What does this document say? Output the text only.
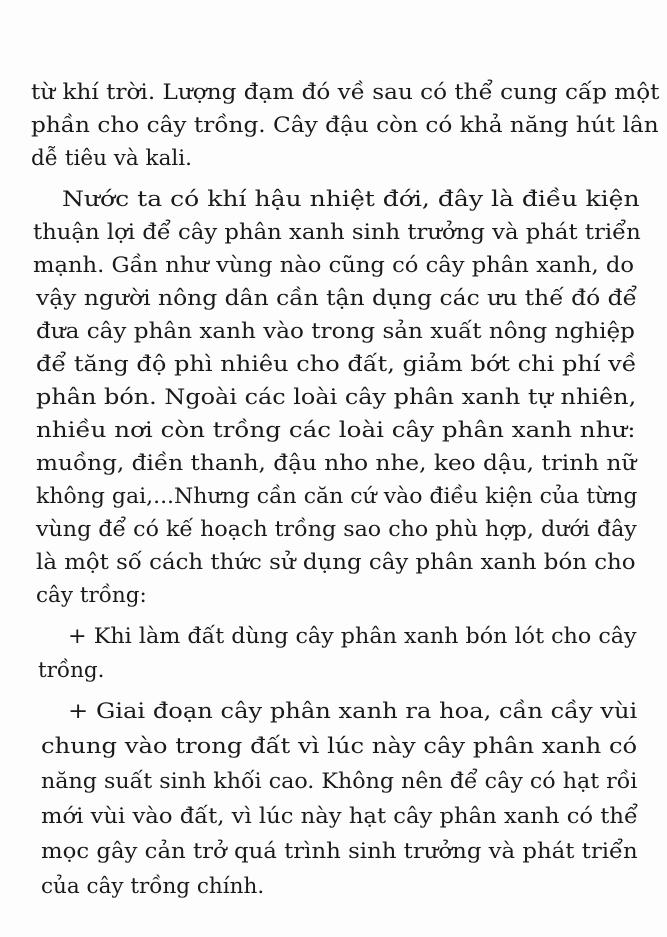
từ khí trời. Lượng đạm đó về sau có thể cung cấp một
phần cho cây trồng. Cây đậu còn có khả năng hút lân
dễ tiêu và kali.
Nước ta có khí hậu nhiệt đới, đây là điều kiện
thuận lợi để cây phân xanh sinh trưởng và phát triển
mạnh. Gần như vùng nào cũng có cây phân xanh, do
vậy người nông dân cần tận dụng các ưu thế đó để
đưa cây phân xanh vào trong sản xuất nông nghiệp
để tăng độ phì nhiêu cho đất, giảm bớt chi phí về
phân bón. Ngoài các loài cây phân xanh tự nhiên,
nhiều nơi còn trồng các loài cây phân xanh như:
muồng, điền thanh, đậu nho nhe, keo dậu, trinh nữ
không gai,...Nhưng cần căn cứ vào điều kiện của từng
vùng để có kế hoạch trồng sao cho phù hợp, dưới đây
là một số cách thức sử dụng cây phân xanh bón cho
cây trồng:
+ Khi làm đất dùng cây phân xanh bón lót cho cây
trồng.
+ Giai đoạn cây phân xanh ra hoa, cần cầy vùi
chung vào trong đất vì lúc này cây phân xanh có
năng suất sinh khối cao. Không nên để cây có hạt rồi
mới vùi vào đất, vì lúc này hạt cây phân xanh có thể
mọc gây cản trở quá trình sinh trưởng và phát triển
của cây trồng chính.
